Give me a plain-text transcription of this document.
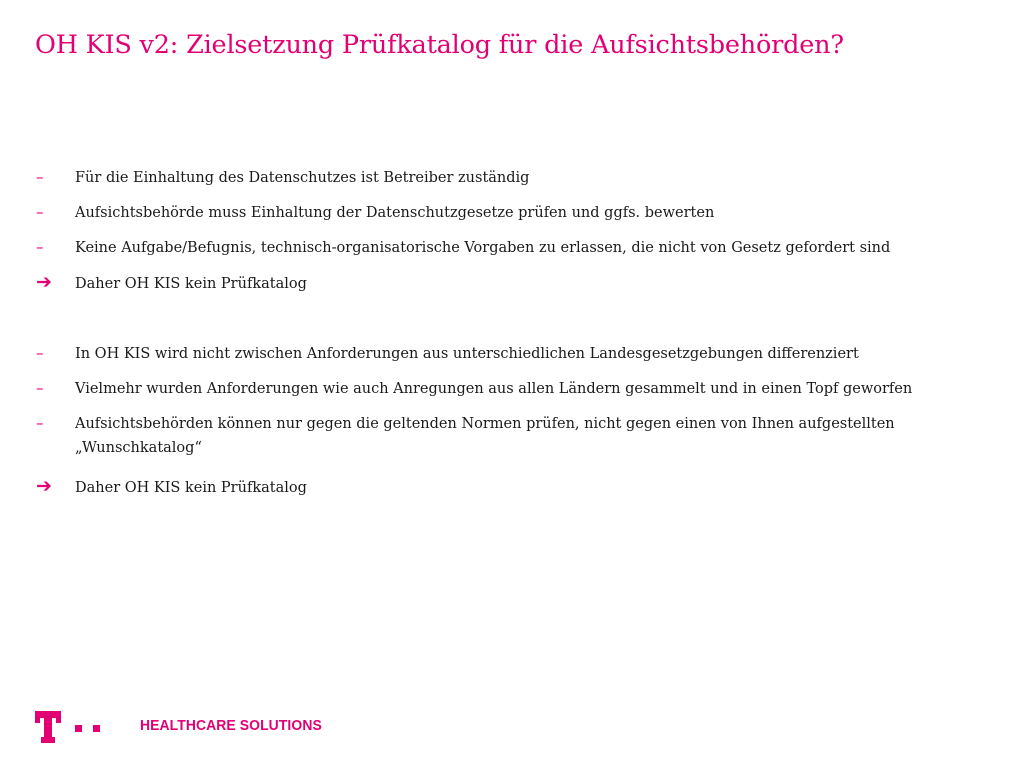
OH KIS v2: Zielsetzung Prüfkatalog für die Aufsichtsbehörden?
– Für die Einhaltung des Datenschutzes ist Betreiber zuständig
– Aufsichtsbehörde muss Einhaltung der Datenschutzgesetze prüfen und ggfs. bewerten
– Keine Aufgabe/Befugnis, technisch-organisatorische Vorgaben zu erlassen, die nicht von Gesetz gefordert sind
➔ Daher OH KIS kein Prüfkatalog
– In OH KIS wird nicht zwischen Anforderungen aus unterschiedlichen Landesgesetzgebungen differenziert
– Vielmehr wurden Anforderungen wie auch Anregungen aus allen Ländern gesammelt und in einen Topf geworfen
– Aufsichtsbehörden können nur gegen die geltenden Normen prüfen, nicht gegen einen von Ihnen aufgestellten „Wunschkatalog“
➔ Daher OH KIS kein Prüfkatalog
HEALTHCARE SOLUTIONS
